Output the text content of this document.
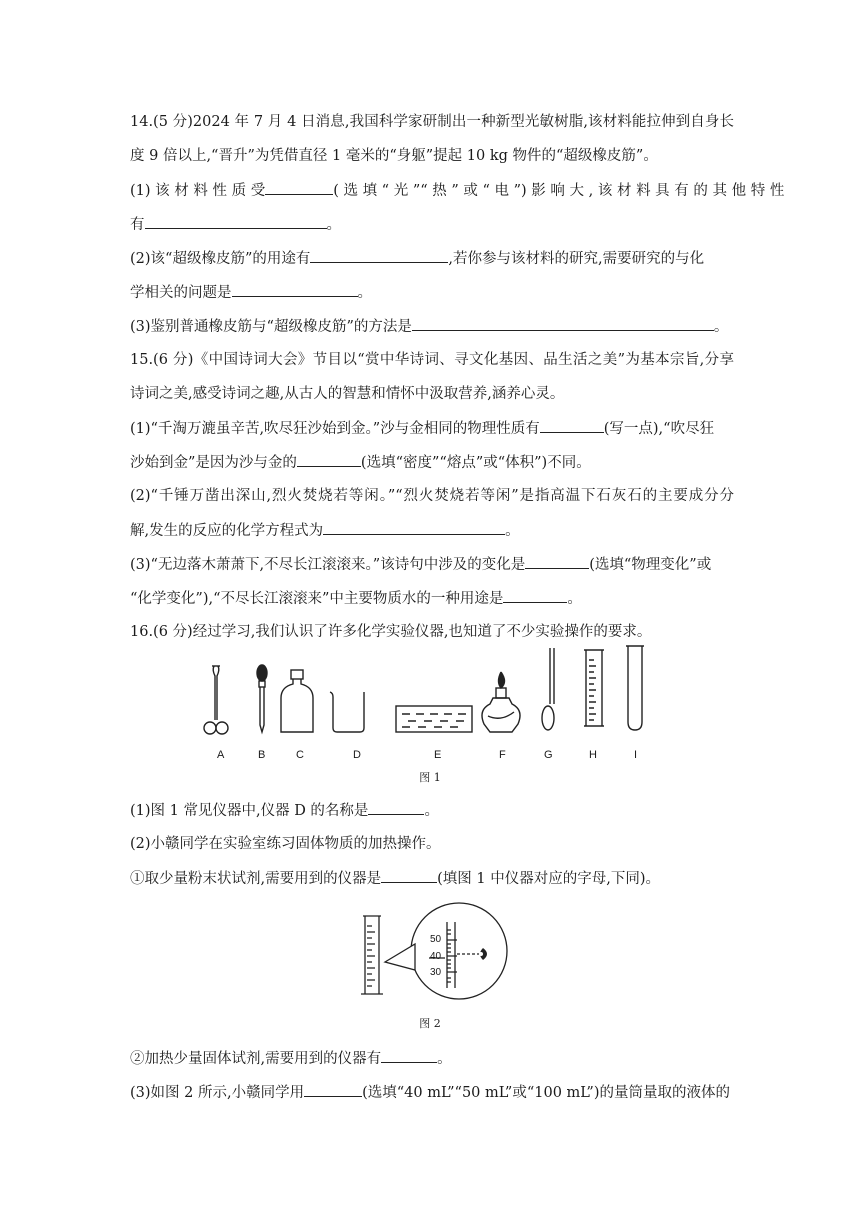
14.(5 分)2024 年 7 月 4 日消息,我国科学家研制出一种新型光敏树脂,该材料能拉伸到自身长
度 9 倍以上,“晋升”为凭借直径 1 毫米的“身躯”提起 10 kg 物件的“超级橡皮筋”。
(1) 该 材 料 性 质 受	( 选 填 “ 光 ”“ 热 ” 或 “ 电 ”) 影 响 大 , 该 材 料 具 有 的 其 他 特 性
有	。
(2)该“超级橡皮筋”的用途有	,若你参与该材料的研究,需要研究的与化
学相关的问题是	。
(3)鉴别普通橡皮筋与“超级橡皮筋”的方法是	。
15.(6 分)《中国诗词大会》节目以“赏中华诗词、寻文化基因、品生活之美”为基本宗旨,分享
诗词之美,感受诗词之趣,从古人的智慧和情怀中汲取营养,涵养心灵。
(1)“千淘万漉虽辛苦,吹尽狂沙始到金。”沙与金相同的物理性质有	(写一点),“吹尽狂
沙始到金”是因为沙与金的	(选填“密度”“熔点”或“体积”)不同。
(2)“千锤万凿出深山,烈火焚烧若等闲。”“烈火焚烧若等闲”是指高温下石灰石的主要成分分
解,发生的反应的化学方程式为	。
(3)“无边落木萧萧下,不尽长江滚滚来。”该诗句中涉及的变化是	(选填“物理变化”或
“化学变化”),“不尽长江滚滚来”中主要物质水的一种用途是	。
16.(6 分)经过学习,我们认识了许多化学实验仪器,也知道了不少实验操作的要求。
A	B	C	D	E	F	G	H	I
图 1
(1)图 1 常见仪器中,仪器 D 的名称是	。
(2)小赣同学在实验室练习固体物质的加热操作。
①取少量粉末状试剂,需要用到的仪器是	(填图 1 中仪器对应的字母,下同)。
50
40
30
图 2
②加热少量固体试剂,需要用到的仪器有	。
(3)如图 2 所示,小赣同学用	(选填“40 mL”“50 mL”或“100 mL”)的量筒量取的液体的
